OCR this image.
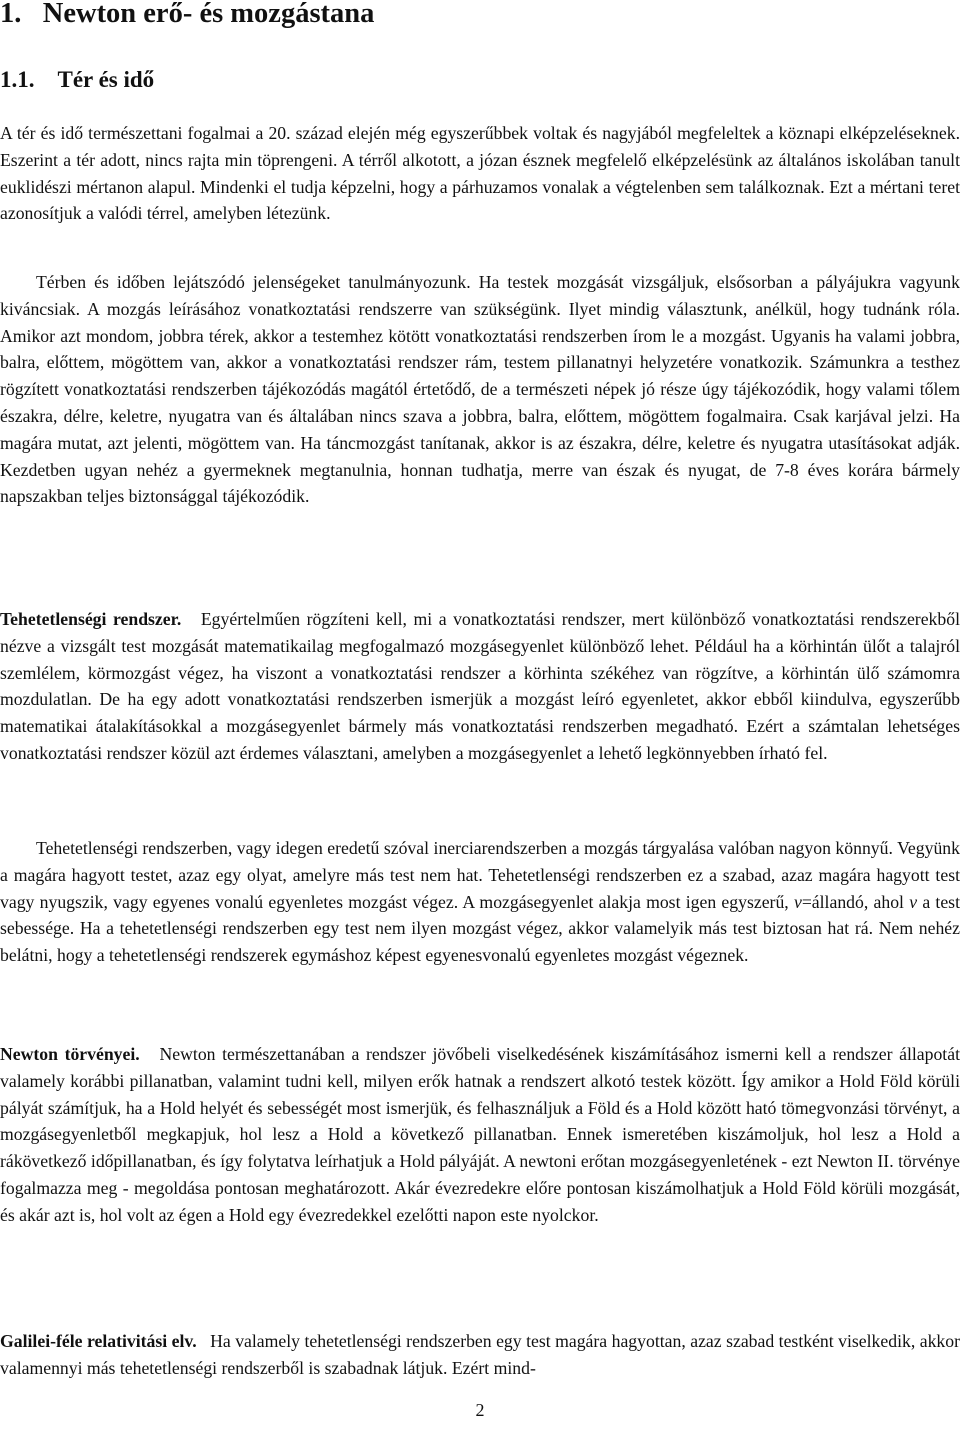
1. Newton erő- és mozgástana
1.1. Tér és idő

A tér és idő természettani fogalmai a 20. század elején még egyszerűbbek voltak és nagyjából megfeleltek a köznapi elképzeléseknek. Eszerint a tér adott, nincs rajta min töprengeni. A térről alkotott, a józan észnek megfelelő elképzelésünk az általános iskolában tanult euklidészi mértanon alapul. Mindenki el tudja képzelni, hogy a párhuzamos vonalak a végtelenben sem találkoznak. Ezt a mértani teret azonosítjuk a valódi térrel, amelyben létezünk.

Térben és időben lejátszódó jelenségeket tanulmányozunk. Ha testek mozgását vizsgáljuk, elsősorban a pályájukra vagyunk kiváncsiak. A mozgás leírásához vonatkoztatási rendszerre van szükségünk. Ilyet mindig választunk, anélkül, hogy tudnánk róla. Amikor azt mondom, jobbra térek, akkor a testemhez kötött vonatkoztatási rendszerben írom le a mozgást. Ugyanis ha valami jobbra, balra, előttem, mögöttem van, akkor a vonatkoztatási rendszer rám, testem pillanatnyi helyzetére vonatkozik. Számunkra a testhez rögzített vonatkoztatási rendszerben tájékozódás magától értetődő, de a természeti népek jó része úgy tájékozódik, hogy valami tőlem északra, délre, keletre, nyugatra van és általában nincs szava a jobbra, balra, előttem, mögöttem fogalmaira. Csak karjával jelzi. Ha magára mutat, azt jelenti, mögöttem van. Ha táncmozgást tanítanak, akkor is az északra, délre, keletre és nyugatra utasításokat adják. Kezdetben ugyan nehéz a gyermeknek megtanulnia, honnan tudhatja, merre van észak és nyugat, de 7-8 éves korára bármely napszakban teljes biztonsággal tájékozódik.

Tehetetlenségi rendszer. Egyértelműen rögzíteni kell, mi a vonatkoztatási rendszer, mert különböző vonatkoztatási rendszerekből nézve a vizsgált test mozgását matematikailag megfogalmazó mozgásegyenlet különböző lehet. Például ha a körhintán ülőt a talajról szemlélem, körmozgást végez, ha viszont a vonatkoztatási rendszer a körhinta székéhez van rögzítve, a körhintán ülő számomra mozdulatlan. De ha egy adott vonatkoztatási rendszerben ismerjük a mozgást leíró egyenletet, akkor ebből kiindulva, egyszerűbb matematikai átalakításokkal a mozgásegyenlet bármely más vonatkoztatási rendszerben megadható. Ezért a számtalan lehetséges vonatkoztatási rendszer közül azt érdemes választani, amelyben a mozgásegyenlet a lehető legkönnyebben írható fel.

Tehetetlenségi rendszerben, vagy idegen eredetű szóval inerciarendszerben a mozgás tárgyalása valóban nagyon könnyű. Vegyünk a magára hagyott testet, azaz egy olyat, amelyre más test nem hat. Tehetetlenségi rendszerben ez a szabad, azaz magára hagyott test vagy nyugszik, vagy egyenes vonalú egyenletes mozgást végez. A mozgásegyenlet alakja most igen egyszerű, v=állandó, ahol v a test sebessége. Ha a tehetetlenségi rendszerben egy test nem ilyen mozgást végez, akkor valamelyik más test biztosan hat rá. Nem nehéz belátni, hogy a tehetetlenségi rendszerek egymáshoz képest egyenesvonalú egyenletes mozgást végeznek.

Newton törvényei. Newton természettanában a rendszer jövőbeli viselkedésének kiszámításához ismerni kell a rendszer állapotát valamely korábbi pillanatban, valamint tudni kell, milyen erők hatnak a rendszert alkotó testek között. Így amikor a Hold Föld körüli pályát számítjuk, ha a Hold helyét és sebességét most ismerjük, és felhasználjuk a Föld és a Hold között ható tömegvonzási törvényt, a mozgásegyenletből megkapjuk, hol lesz a Hold a következő pillanatban. Ennek ismeretében kiszámoljuk, hol lesz a Hold a rákövetkező időpillanatban, és így folytatva leírhatjuk a Hold pályáját. A newtoni erőtan mozgásegyenletének - ezt Newton II. törvénye fogalmazza meg - megoldása pontosan meghatározott. Akár évezredekre előre pontosan kiszámolhatjuk a Hold Föld körüli mozgását, és akár azt is, hol volt az égen a Hold egy évezredekkel ezelőtti napon este nyolckor.

Galilei-féle relativitási elv. Ha valamely tehetetlenségi rendszerben egy test magára hagyottan, azaz szabad testként viselkedik, akkor valamennyi más tehetetlenségi rendszerből is szabadnak látjuk. Ezért mind-

2
